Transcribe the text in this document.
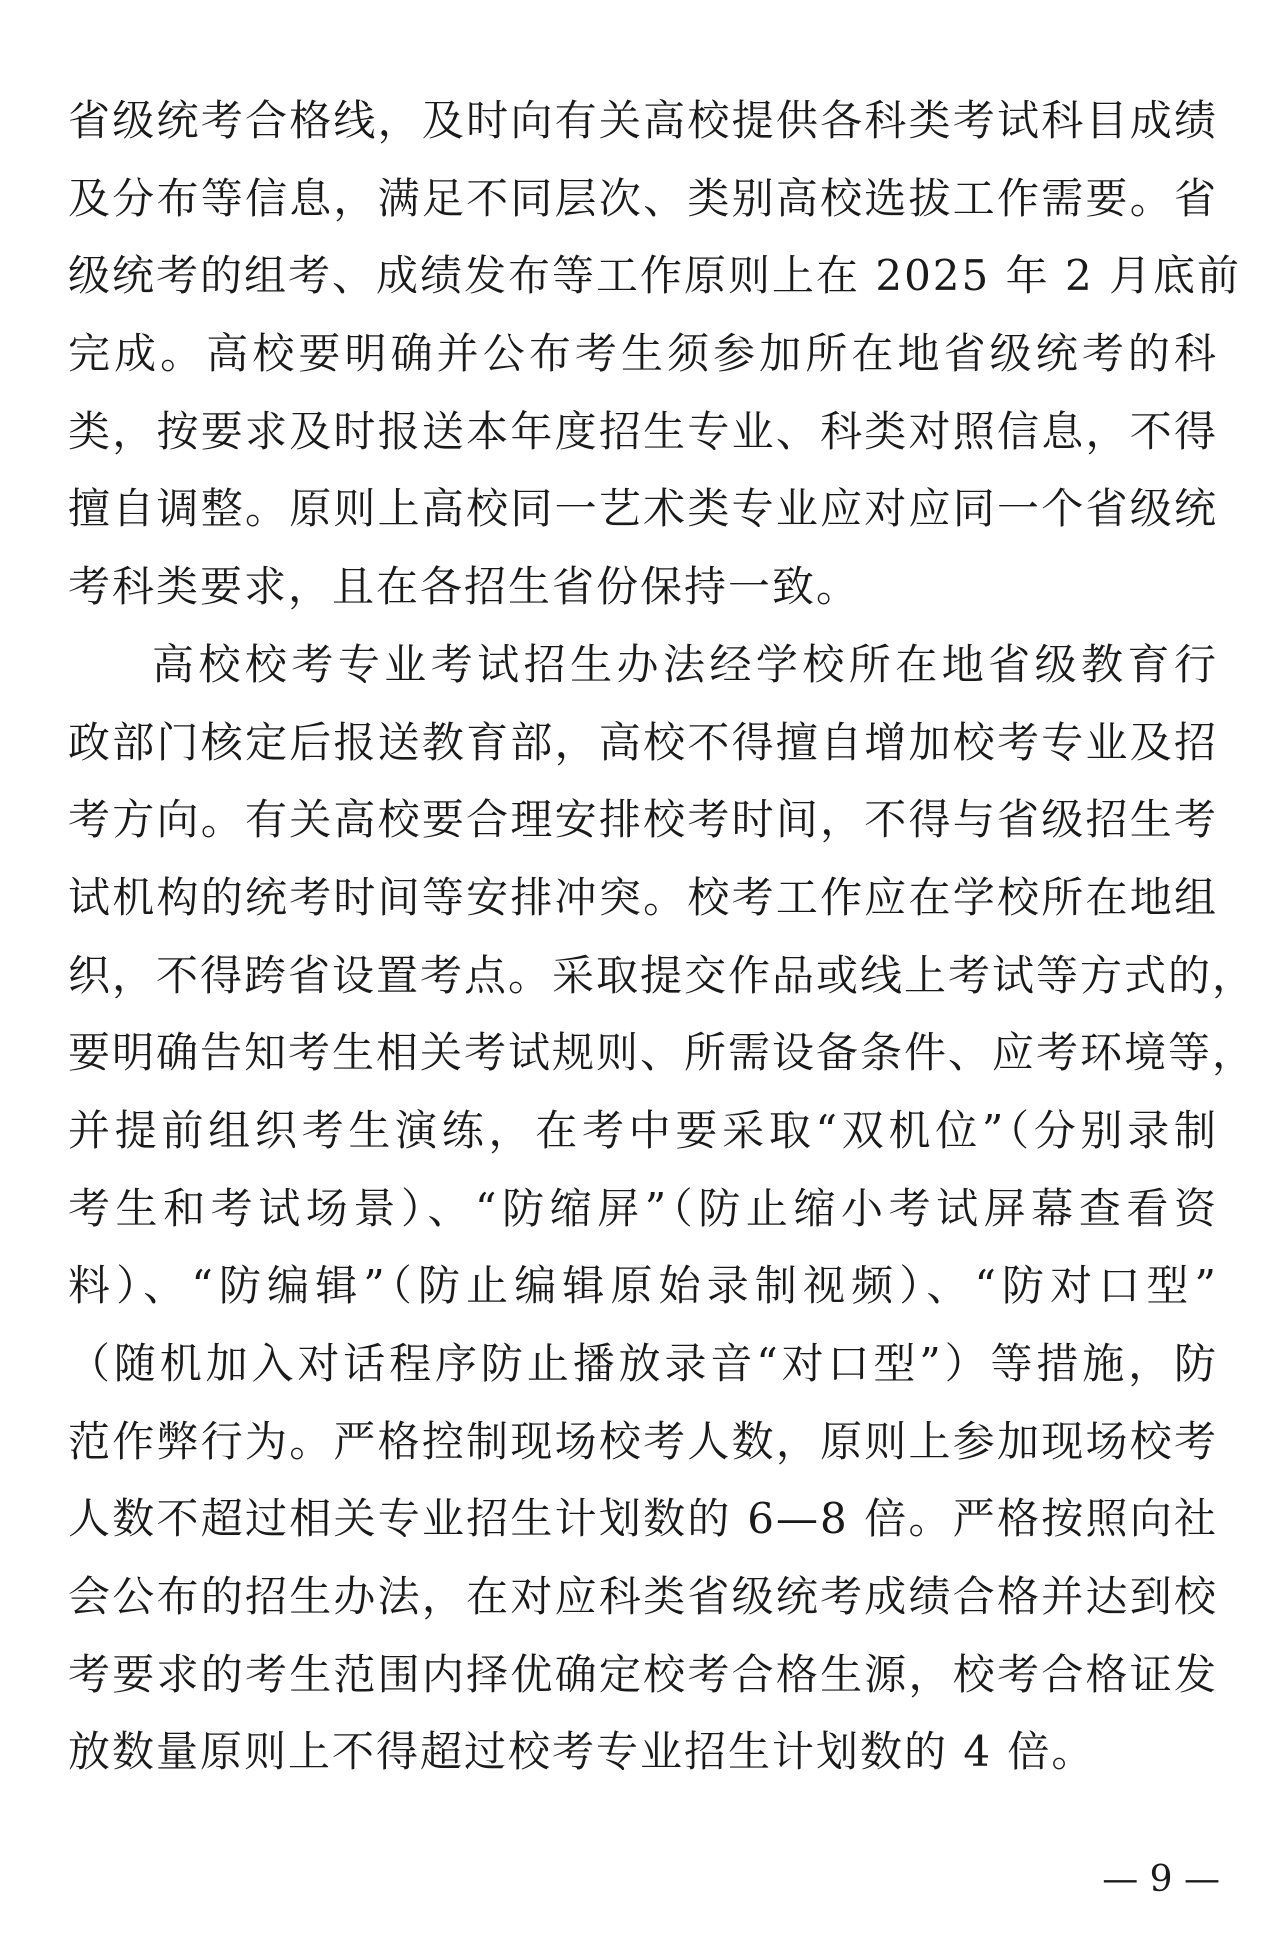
省级统考合格线，及时向有关高校提供各科类考试科目成绩
及分布等信息，满足不同层次、类别高校选拔工作需要。省
级统考的组考、成绩发布等工作原则上在 2025 年 2 月底前
完成。高校要明确并公布考生须参加所在地省级统考的科
类，按要求及时报送本年度招生专业、科类对照信息，不得
擅自调整。原则上高校同一艺术类专业应对应同一个省级统
考科类要求，且在各招生省份保持一致。
高校校考专业考试招生办法经学校所在地省级教育行
政部门核定后报送教育部，高校不得擅自增加校考专业及招
考方向。有关高校要合理安排校考时间，不得与省级招生考
试机构的统考时间等安排冲突。校考工作应在学校所在地组
织，不得跨省设置考点。采取提交作品或线上考试等方式的，
要明确告知考生相关考试规则、所需设备条件、应考环境等，
并提前组织考生演练，在考中要采取“双机位”（分别录制
考生和考试场景）、“防缩屏”（防止缩小考试屏幕查看资
料）、“防编辑”（防止编辑原始录制视频）、“防对口型”
（随机加入对话程序防止播放录音“对口型”）等措施，防
范作弊行为。严格控制现场校考人数，原则上参加现场校考
人数不超过相关专业招生计划数的 6—8 倍。严格按照向社
会公布的招生办法，在对应科类省级统考成绩合格并达到校
考要求的考生范围内择优确定校考合格生源，校考合格证发
放数量原则上不得超过校考专业招生计划数的 4 倍。
— 9 —
